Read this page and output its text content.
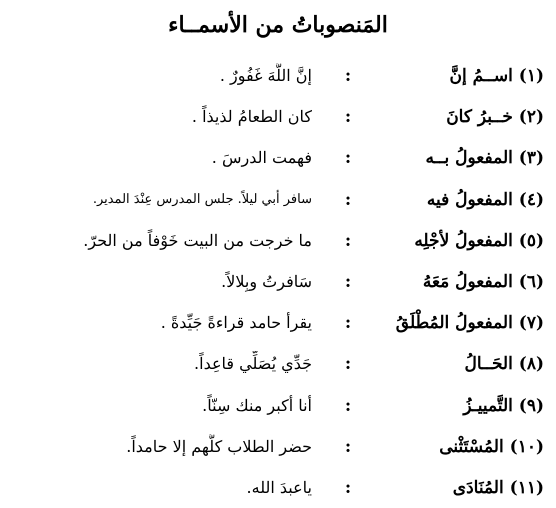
المَنصوباتُ من الأسمــاء
(١) اســمُ إنَّ
:
إنَّ اللَّهَ غَفُورٌ .
(٢) خــبرُ كانَ
:
كان الطعامُ لذيذاً .
(٣) المفعولُ بــه
:
فهمت الدرسَ .
(٤) المفعولُ فيه
:
سافر أبي ليلاً. جلس المدرس عِنْدَ المدير.
(٥) المفعولُ لأجْلِه
:
ما خرجت من البيت خَوْفاً من الحرّ.
(٦) المفعولُ مَعَهُ
:
سَافرتُ وبِلالاً.
(٧) المفعولُ المُطْلَقُ
:
يقرأ حامد قراءةً جَيِّدةً .
(٨) الحَــالُ
:
جَدِّي يُصَلِّي قاعِداً.
(٩) التَّمييـزُ
:
أنا أكبر منك سِنّاً.
(١٠) المُسْتَثْنى
:
حضر الطلاب كلُّهم إلا حامداً.
(١١) المُنَادَى
:
ياعبدَ الله.
